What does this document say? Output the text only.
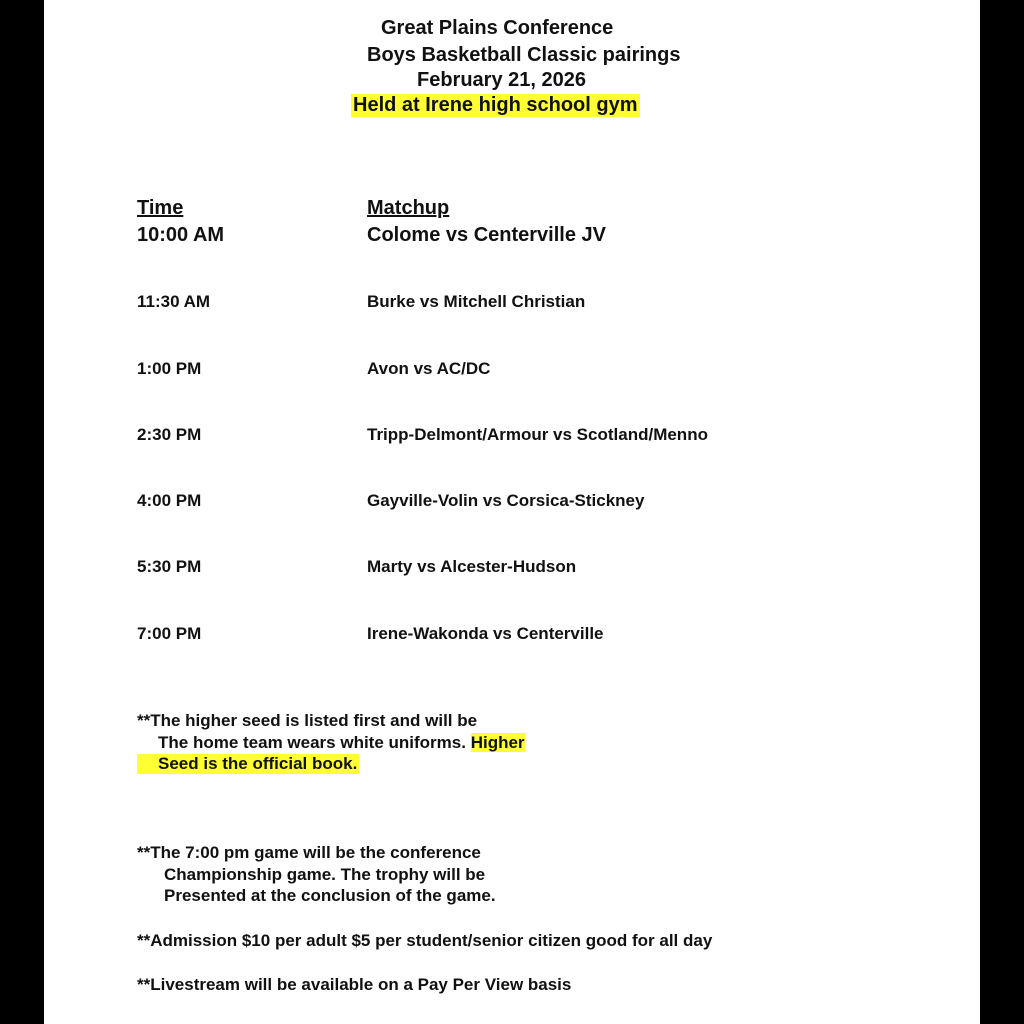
Great Plains Conference
Boys Basketball Classic pairings
February 21, 2026
Held at Irene high school gym
Time	Matchup
10:00 AM	Colome vs Centerville JV
11:30 AM	Burke vs Mitchell Christian
1:00 PM	Avon vs AC/DC
2:30 PM	Tripp-Delmont/Armour vs Scotland/Menno
4:00 PM	Gayville-Volin vs Corsica-Stickney
5:30 PM	Marty vs Alcester-Hudson
7:00 PM	Irene-Wakonda vs Centerville
**The higher seed is listed first and will be
The home team wears white uniforms. Higher
Seed is the official book.
**The 7:00 pm game will be the conference
Championship game. The trophy will be
Presented at the conclusion of the game.
**Admission $10 per adult $5 per student/senior citizen good for all day
**Livestream will be available on a Pay Per View basis
